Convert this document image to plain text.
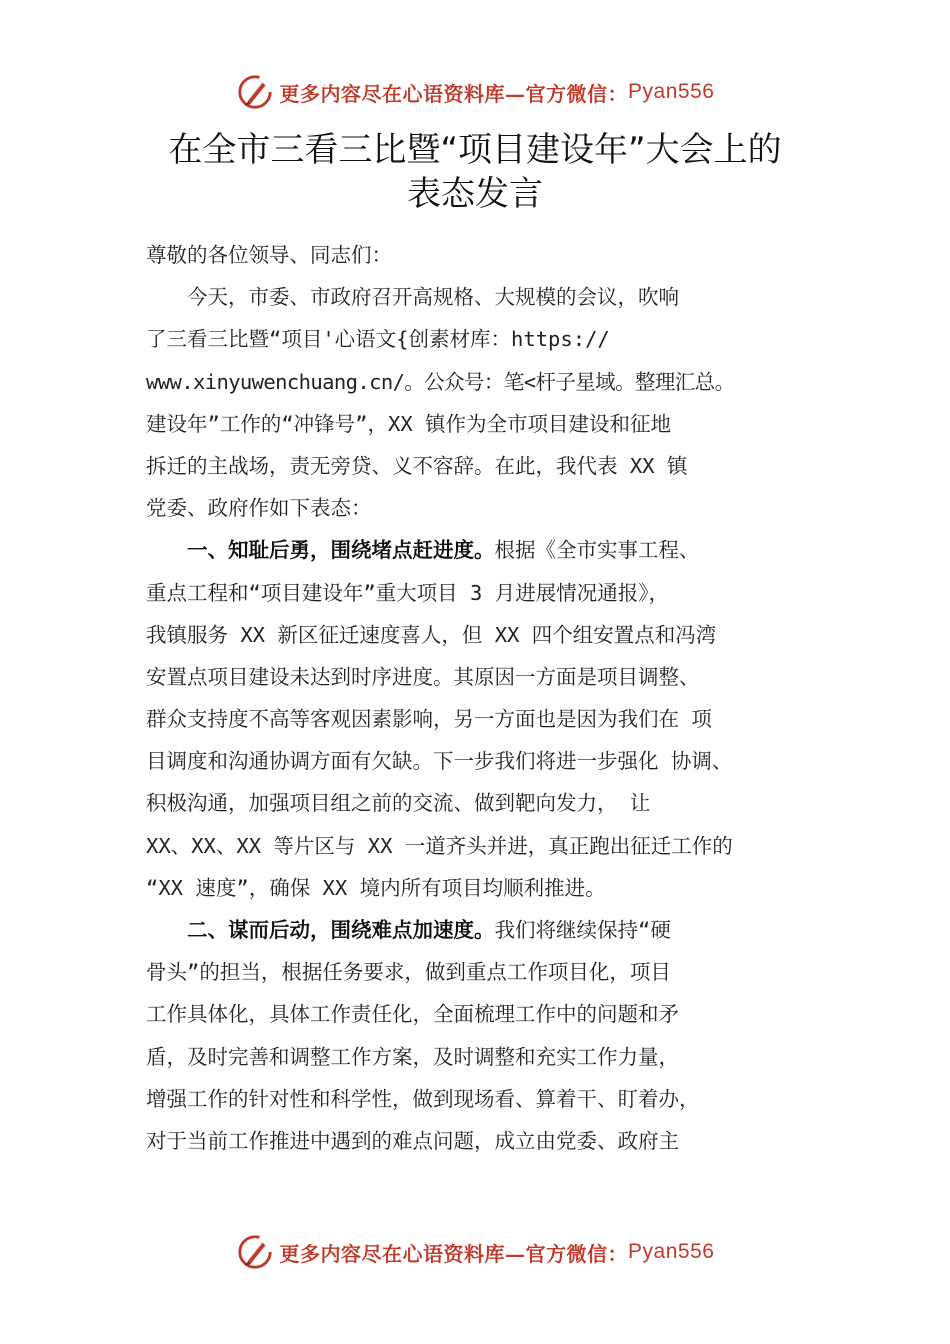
更多内容尽在心语资料库—官方微信： Pyan556
在全市三看三比暨“项目建设年”大会上的
表态发言
尊敬的各位领导、同志们：
今天，市委、市政府召开高规格、大规模的会议，吹响
了三看三比暨“项目'心语文{创素材库：https://
www.xinyuwenchuang.cn/。公众号：笔<杆子星域。整理汇总。
建设年”工作的“冲锋号”，XX 镇作为全市项目建设和征地
拆迁的主战场，责无旁贷、义不容辞。在此，我代表 XX 镇
党委、政府作如下表态：
一、知耻后勇，围绕堵点赶进度。根据《全市实事工程、
重点工程和“项目建设年”重大项目 3 月进展情况通报》，
我镇服务 XX 新区征迁速度喜人，但 XX 四个组安置点和冯湾
安置点项目建设未达到时序进度。其原因一方面是项目调整、
群众支持度不高等客观因素影响，另一方面也是因为我们在 项
目调度和沟通协调方面有欠缺。下一步我们将进一步强化 协调、
积极沟通，加强项目组之前的交流、做到靶向发力， 让
XX、XX、XX 等片区与 XX 一道齐头并进，真正跑出征迁工作的
“XX 速度”，确保 XX 境内所有项目均顺利推进。
二、谋而后动，围绕难点加速度。我们将继续保持“硬
骨头”的担当，根据任务要求，做到重点工作项目化，项目
工作具体化，具体工作责任化，全面梳理工作中的问题和矛
盾，及时完善和调整工作方案，及时调整和充实工作力量，
增强工作的针对性和科学性，做到现场看、算着干、盯着办，
对于当前工作推进中遇到的难点问题，成立由党委、政府主
更多内容尽在心语资料库—官方微信： Pyan556
